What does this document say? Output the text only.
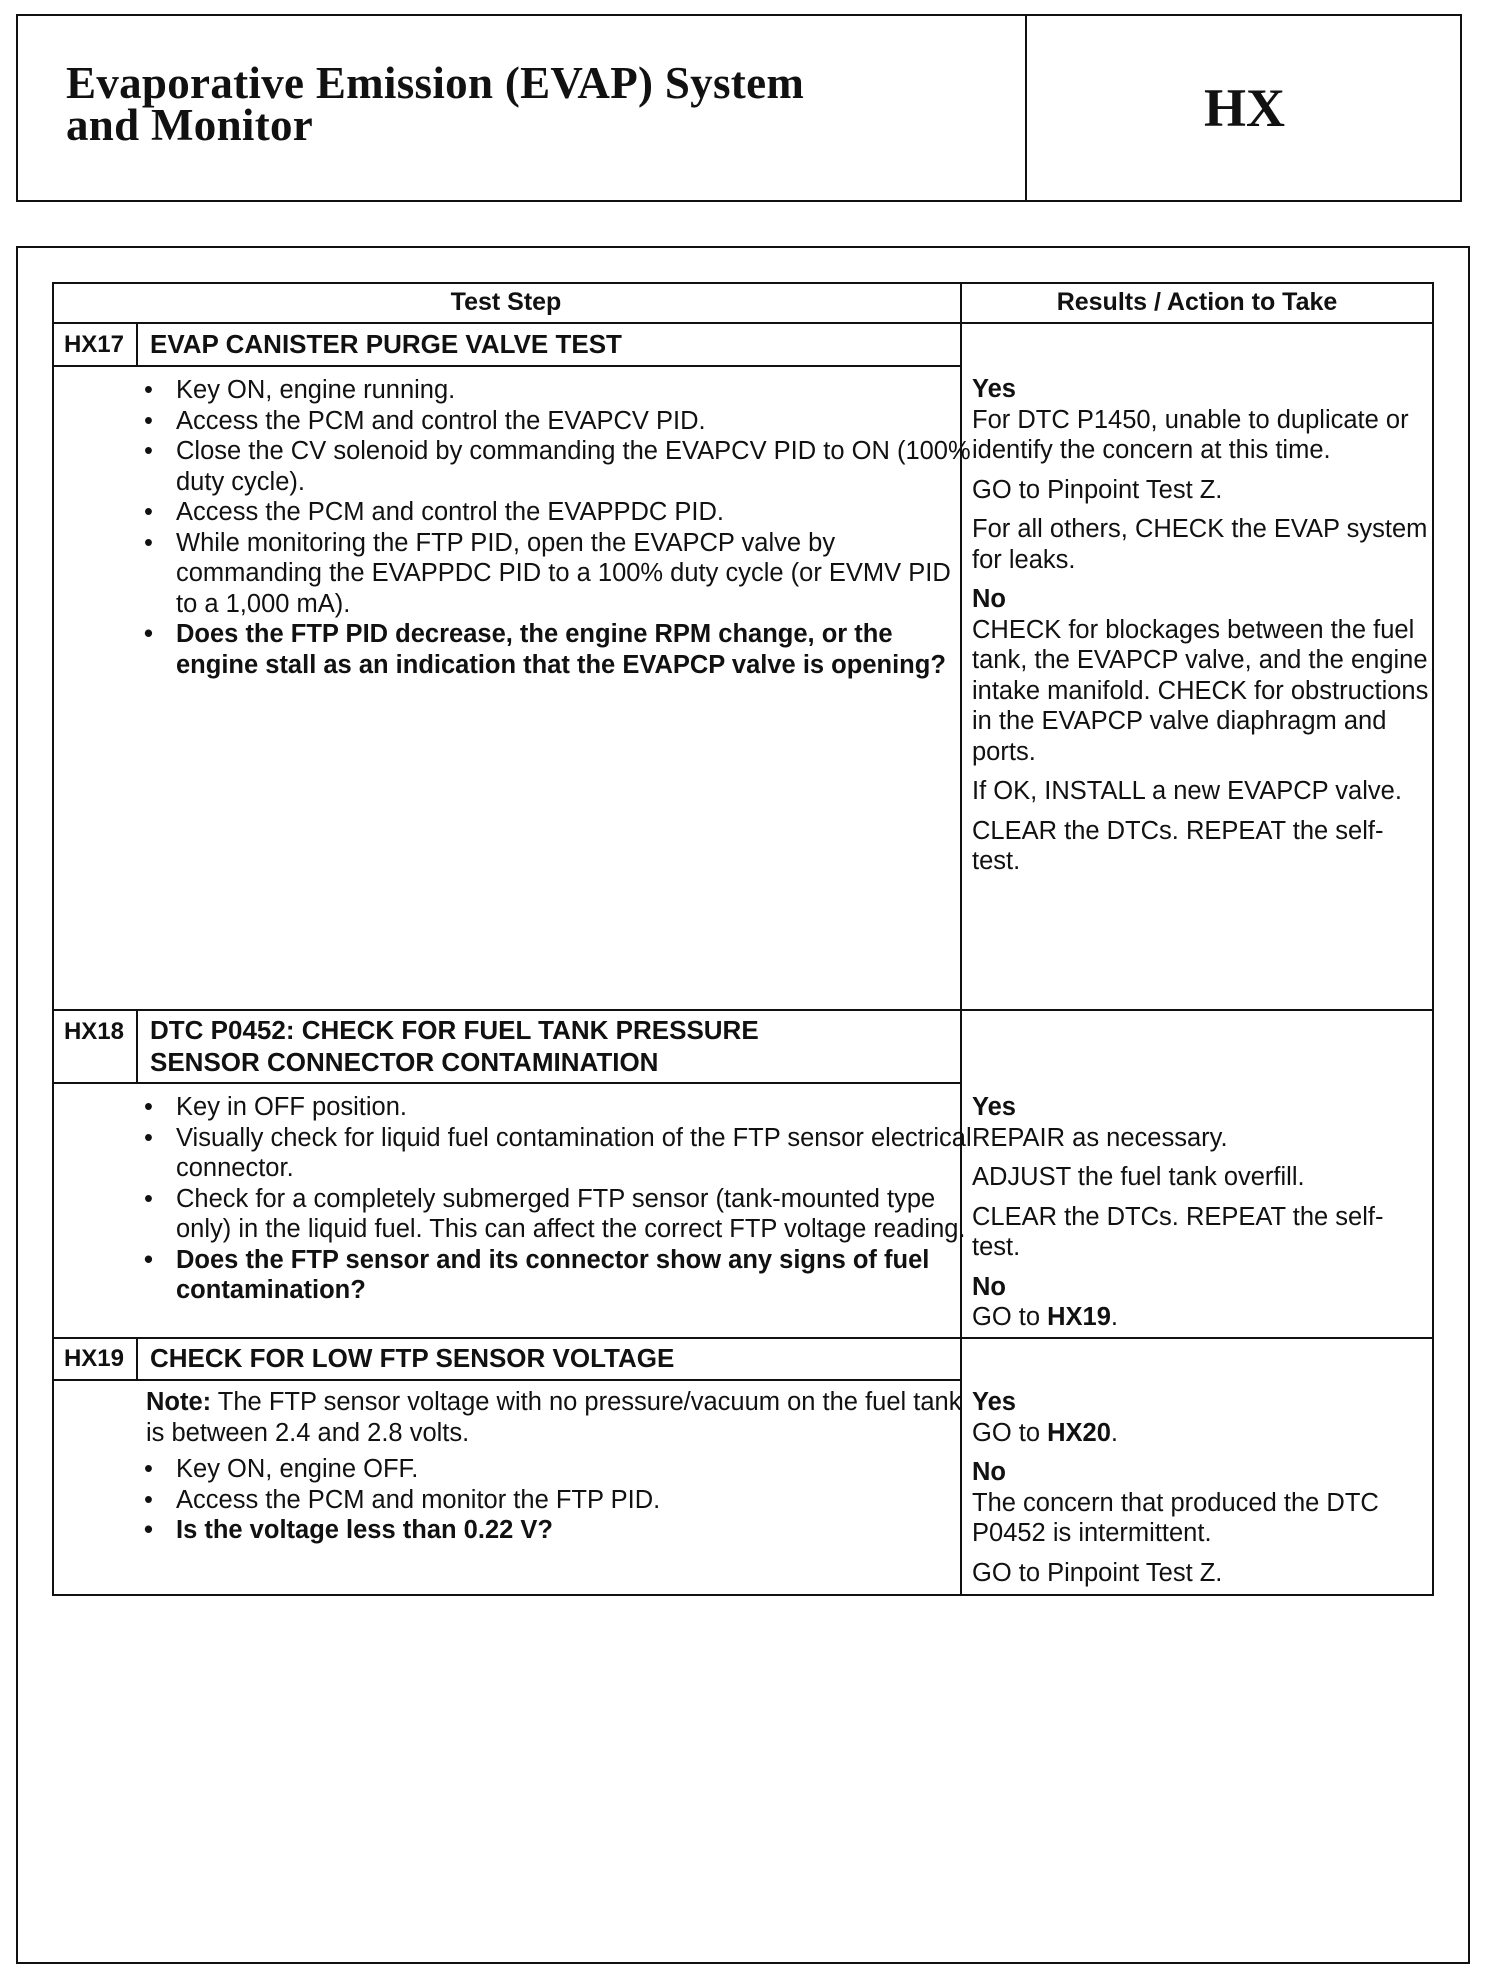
Evaporative Emission (EVAP) System
and Monitor	HX
Test Step	Results / Action to Take
HX17 EVAP CANISTER PURGE VALVE TEST
• Key ON, engine running.
• Access the PCM and control the EVAPCV PID.
• Close the CV solenoid by commanding the EVAPCV PID to ON (100% duty cycle).
• Access the PCM and control the EVAPPDC PID.
• While monitoring the FTP PID, open the EVAPCP valve by commanding the EVAPPDC PID to a 100% duty cycle (or EVMV PID to a 1,000 mA).
• Does the FTP PID decrease, the engine RPM change, or the engine stall as an indication that the EVAPCP valve is opening?
Yes

For DTC P1450, unable to duplicate or identify the concern at this time.

GO to Pinpoint Test Z.

For all others, CHECK the EVAP system for leaks.

No

CHECK for blockages between the fuel tank, the EVAPCP valve, and the engine intake manifold. CHECK for obstructions in the EVAPCP valve diaphragm and ports.

If OK, INSTALL a new EVAPCP valve.

CLEAR the DTCs. REPEAT the self-test.

HX18 DTC P0452: CHECK FOR FUEL TANK PRESSURE
SENSOR CONNECTOR CONTAMINATION
• Key in OFF position.
• Visually check for liquid fuel contamination of the FTP sensor electrical connector.
• Check for a completely submerged FTP sensor (tank-mounted type only) in the liquid fuel. This can affect the correct FTP voltage reading.
• Does the FTP sensor and its connector show any signs of fuel contamination?
Yes

REPAIR as necessary.

ADJUST the fuel tank overfill.

CLEAR the DTCs. REPEAT the self-test.

No

GO to HX19.

HX19 CHECK FOR LOW FTP SENSOR VOLTAGE

Note: The FTP sensor voltage with no pressure/vacuum on the fuel tank is between 2.4 and 2.8 volts.

• Key ON, engine OFF.
• Access the PCM and monitor the FTP PID.
• Is the voltage less than 0.22 V?
Yes

GO to HX20.

No

The concern that produced the DTC P0452 is intermittent.

GO to Pinpoint Test Z.
